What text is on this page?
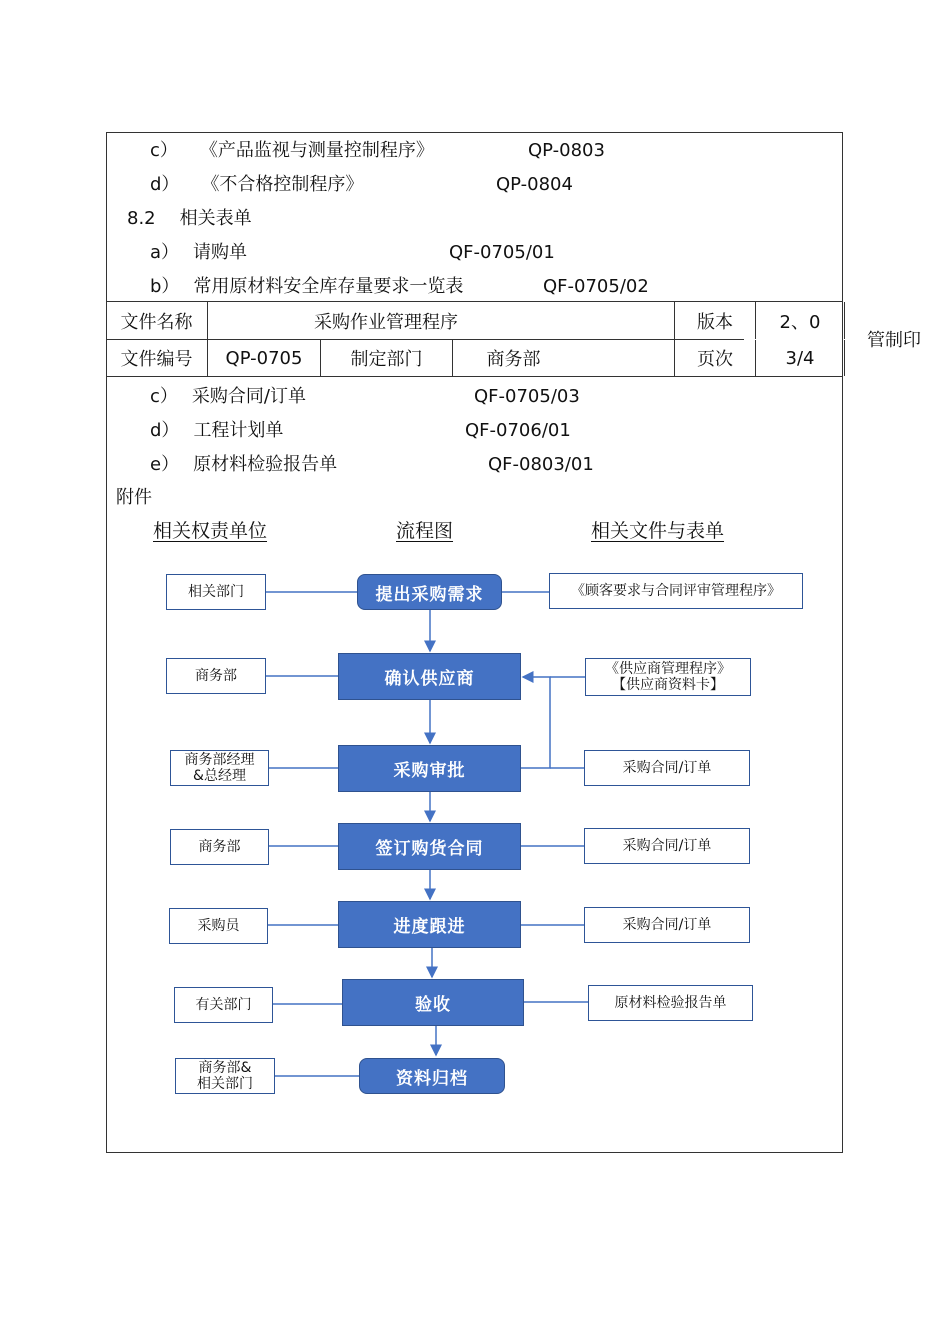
c） 《产品监视与测量控制程序》	QP-0803
d） 《不合格控制程序》	QP-0804
8.2 相关表单
a） 请购单	QF-0705/01
b） 常用原材料安全库存量要求一览表	QF-0705/02
文件名称	采购作业管理程序	版本	2、0
管制印
文件编号	QP-0705	制定部门	商务部	页次	3/4
c） 采购合同/订单	QF-0705/03
d） 工程计划单	QF-0706/01
e） 原材料检验报告单	QF-0803/01
附件
相关权责单位	流程图	相关文件与表单
相关部门	提出采购需求	《顾客要求与合同评审管理程序》
商务部	确认供应商	《供应商管理程序》
【供应商资料卡】
商务部经理
&总经理	采购审批	采购合同/订单
商务部	签订购货合同	采购合同/订单
采购员	进度跟进	采购合同/订单
有关部门	验收	原材料检验报告单
商务部&
相关部门	资料归档
